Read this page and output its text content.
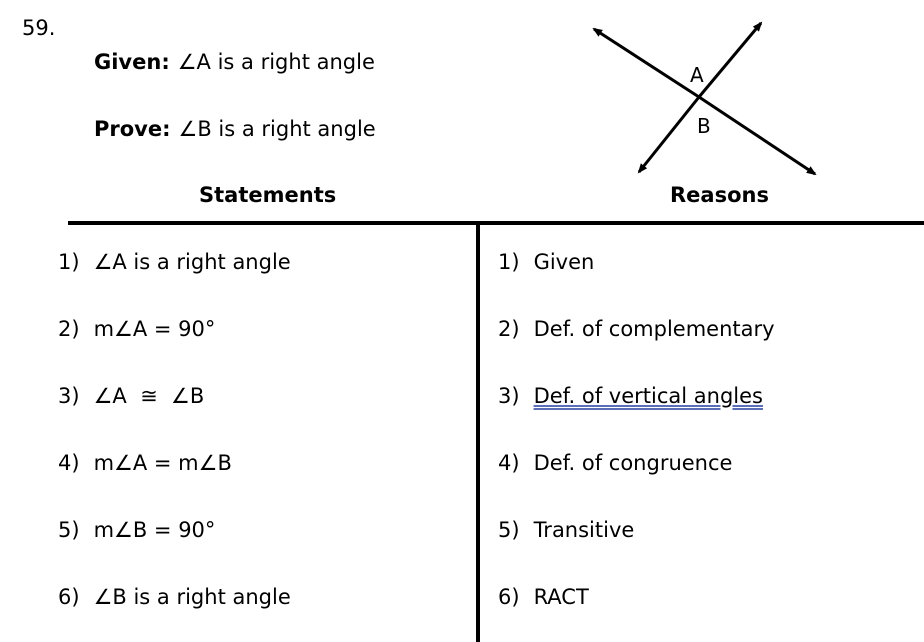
59.
Given: ∠A is a right angle
Prove: ∠B is a right angle
A
B
Statements	Reasons
1) ∠A is a right angle
2) m∠A = 90°
3) ∠A  ≅  ∠B
4) m∠A = m∠B
5) m∠B = 90°
6) ∠B is a right angle
1) Given
2) Def. of complementary
3) Def. of vertical angles
4) Def. of congruence
5) Transitive
6) RACT
